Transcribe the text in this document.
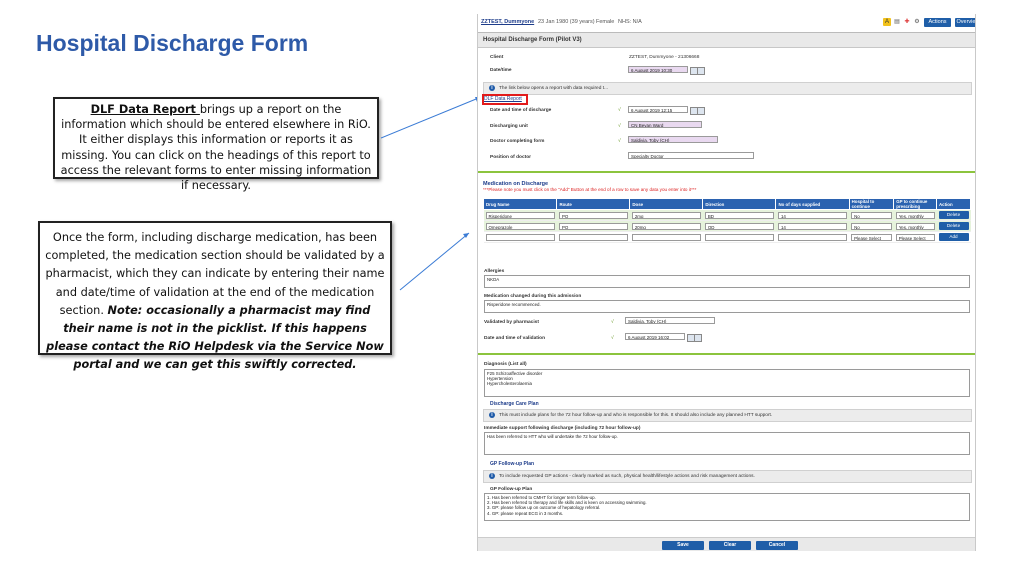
Hospital Discharge Form
DLF Data Report brings up a report on the information which should be entered elsewhere in RiO. It either displays this information or reports it as missing. You can click on the headings of this report to access the relevant forms to enter missing information if necessary.
Once the form, including discharge medication, has been completed, the medication section should be validated by a pharmacist, which they can indicate by entering their name and date/time of validation at the end of the medication section. Note: occasionally a pharmacist may find their name is not in the picklist. If this happens please contact the RiO Helpdesk via the Service Now portal and we can get this swiftly corrected.
ZZTEST, Dummyone 23 Jan 1980 (39 years) Female NHS: N/A	A ▤ ✚ ⚙	Actions	Overvie
Hospital Discharge Form (Pilot V3)
Client	ZZTEST, Dummyone - 21306668
Date/time	6 August 2019 10:30
i	The link below opens a report with data required t...
DLF Data Report
Date and time of discharge	√	6 August 2019 12:15
Discharging unit	√	CN Bevan Ward
Doctor completing form	√	Saldivia, Toby (CH)
Position of doctor	Specialty Doctor
Medication on Discharge
***Please note you must click on the "Add" Button at the end of a row to save any data you enter into it***
Drug Name	Route	Dose	Direction	No of days supplied	Hospital to continue	GP to continue prescribing	Action

Risperidone	PO	2mg	BD	14	No	Yes, monthly	Delete

Omeprazole	PO	20mg	OD	14	No	Yes, monthly	Delete

					Please Select	Please Select	Add
Allergies
NKDA
Medication changed during this admission
Risperidone recommenced.
Validated by pharmacist	√	Saldivia, Toby (CH)
Date and time of validation	√	6 August 2019 16:02
Diagnosis (List all)
F25 Schizoaffective disorder
Hypertension
Hypercholesterolaemia
Discharge Care Plan
i	This must include plans for the 72 hour follow-up and who is responsible for this. It should also include any planned HTT support.
Immediate support following discharge (including 72 hour follow-up)
Has been referred to HTT who will undertake the 72 hour follow-up.
GP Follow-up Plan
i	To include requested GP actions - clearly marked as such, physical health/lifestyle actions and risk management actions.
GP Follow-up Plan
1. Has been referred to CMHT for longer term follow-up.
2. Has been referred to therapy and life skills and is keen on accessing swimming.
3. GP: please follow up on outcome of hepatology referral.
4. GP: please repeat ECG in 3 months.
Save	Clear	Cancel
